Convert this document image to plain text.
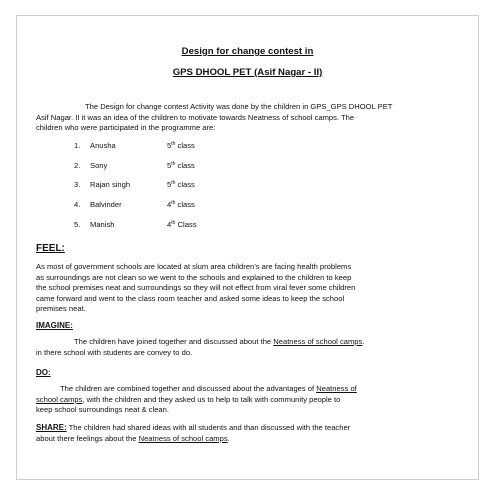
Design for change contest in
GPS DHOOL PET (Asif Nagar - II)
The Design for change contest Activity was done by the children in GPS_GPS DHOOL PET
Asif Nagar. II it was an idea of the children to motivate towards Neatness of school camps. The
children who were participated in the programme are:
1. Anusha	5th class
2. Sony	5th class
3. Rajan singh	5th class
4. Balvinder	4th class
5. Manish	4th Class
FEEL:
As most of government schools are located at slum area children’s are facing health problems
as surroundings are not clean so we went to the schools and explained to the children to keep
the school premises neat and surroundings so they will not effect from viral fever some children
came forward and went to the class room teacher and asked some ideas to keep the school
premises neat.
IMAGINE:
The children have joined together and discussed about the Neatness of school camps.
in there school with students are convey to do.
DO:
The children are combined together and discussed about the advantages of Neatness of
school camps, with the children and they asked us to help to talk with community people to
keep school surroundings neat & clean.
SHARE: The children had shared ideas with all students and than discussed with the teacher
about there feelings about the Neatness of school camps.
